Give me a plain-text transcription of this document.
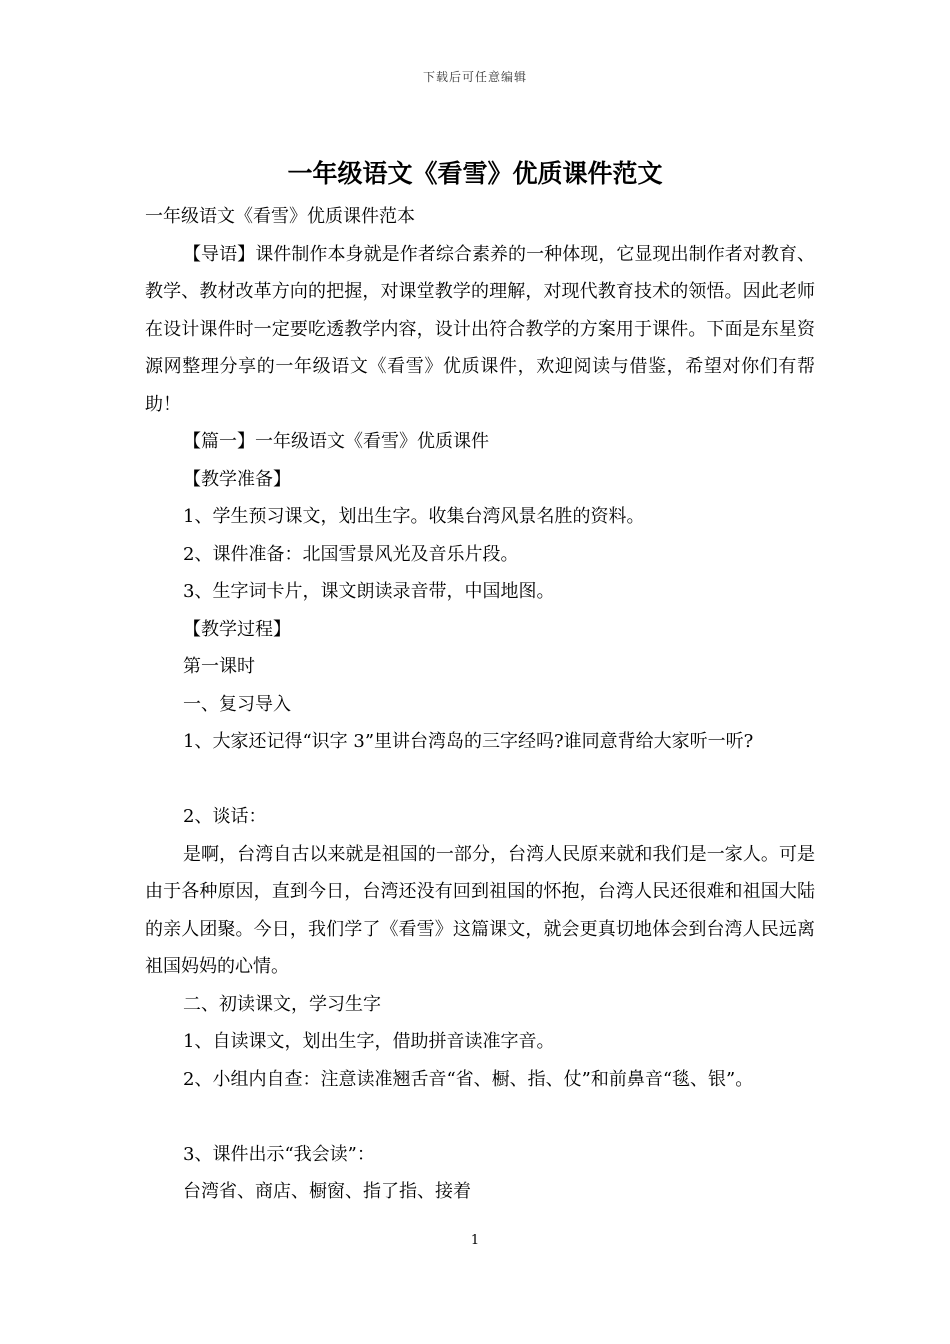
下载后可任意编辑
一年级语文《看雪》优质课件范文

一年级语文《看雪》优质课件范本

【导语】课件制作本身就是作者综合素养的一种体现，它显现出制作者对教育、教学、教材改革方向的把握，对课堂教学的理解，对现代教育技术的领悟。因此老师在设计课件时一定要吃透教学内容，设计出符合教学的方案用于课件。下面是东星资源网整理分享的一年级语文《看雪》优质课件，欢迎阅读与借鉴，希望对你们有帮助！

【篇一】一年级语文《看雪》优质课件

【教学准备】

1、学生预习课文，划出生字。收集台湾风景名胜的资料。

2、课件准备：北国雪景风光及音乐片段。

3、生字词卡片，课文朗读录音带，中国地图。

【教学过程】

第一课时

一、复习导入

1、大家还记得“识字 3”里讲台湾岛的三字经吗?谁同意背给大家听一听?

2、谈话：

是啊，台湾自古以来就是祖国的一部分，台湾人民原来就和我们是一家人。可是由于各种原因，直到今日，台湾还没有回到祖国的怀抱，台湾人民还很难和祖国大陆的亲人团聚。今日，我们学了《看雪》这篇课文，就会更真切地体会到台湾人民远离祖国妈妈的心情。

二、初读课文，学习生字

1、自读课文，划出生字，借助拼音读准字音。

2、小组内自查：注意读准翘舌音“省、橱、指、仗”和前鼻音“毯、银”。

3、课件出示“我会读”：

台湾省、商店、橱窗、指了指、接着

1
